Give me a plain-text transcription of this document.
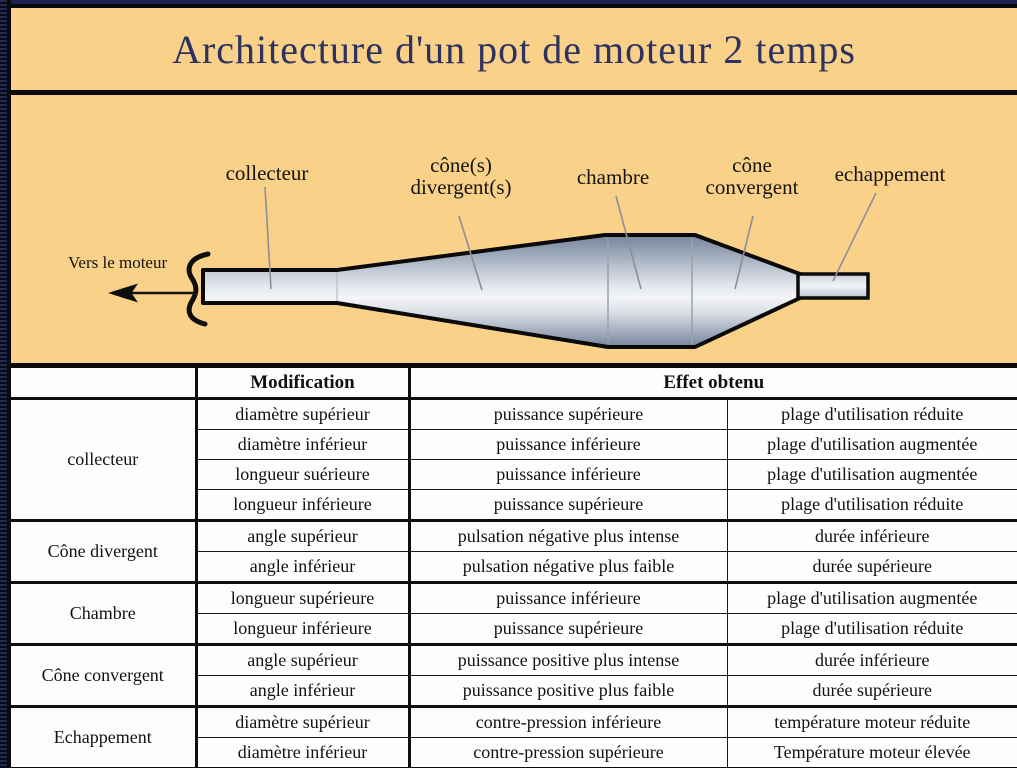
Architecture d'un pot de moteur 2 temps
collecteur	cône(s)
divergent(s)	chambre	cône
convergent
echappement
Vers le moteur
	Modification	Effet obtenu	
collecteur	diamètre supérieur	puissance supérieure	plage d'utilisation réduite
	diamètre inférieur	puissance inférieure	plage d'utilisation augmentée
	longueur suérieure	puissance inférieure	plage d'utilisation augmentée
	longueur inférieure	puissance supérieure	plage d'utilisation réduite
Cône divergent	angle supérieur	pulsation négative plus intense	durée inférieure
	angle inférieur	pulsation négative plus faible	durée supérieure
Chambre	longueur supérieure	puissance inférieure	plage d'utilisation augmentée
	longueur inférieure	puissance supérieure	plage d'utilisation réduite
Cône convergent	angle supérieur	puissance positive plus intense	durée inférieure
	angle inférieur	puissance positive plus faible	durée supérieure
Echappement	diamètre supérieur	contre-pression inférieure	température moteur réduite
	diamètre inférieur	contre-pression supérieure	Température moteur élevée
